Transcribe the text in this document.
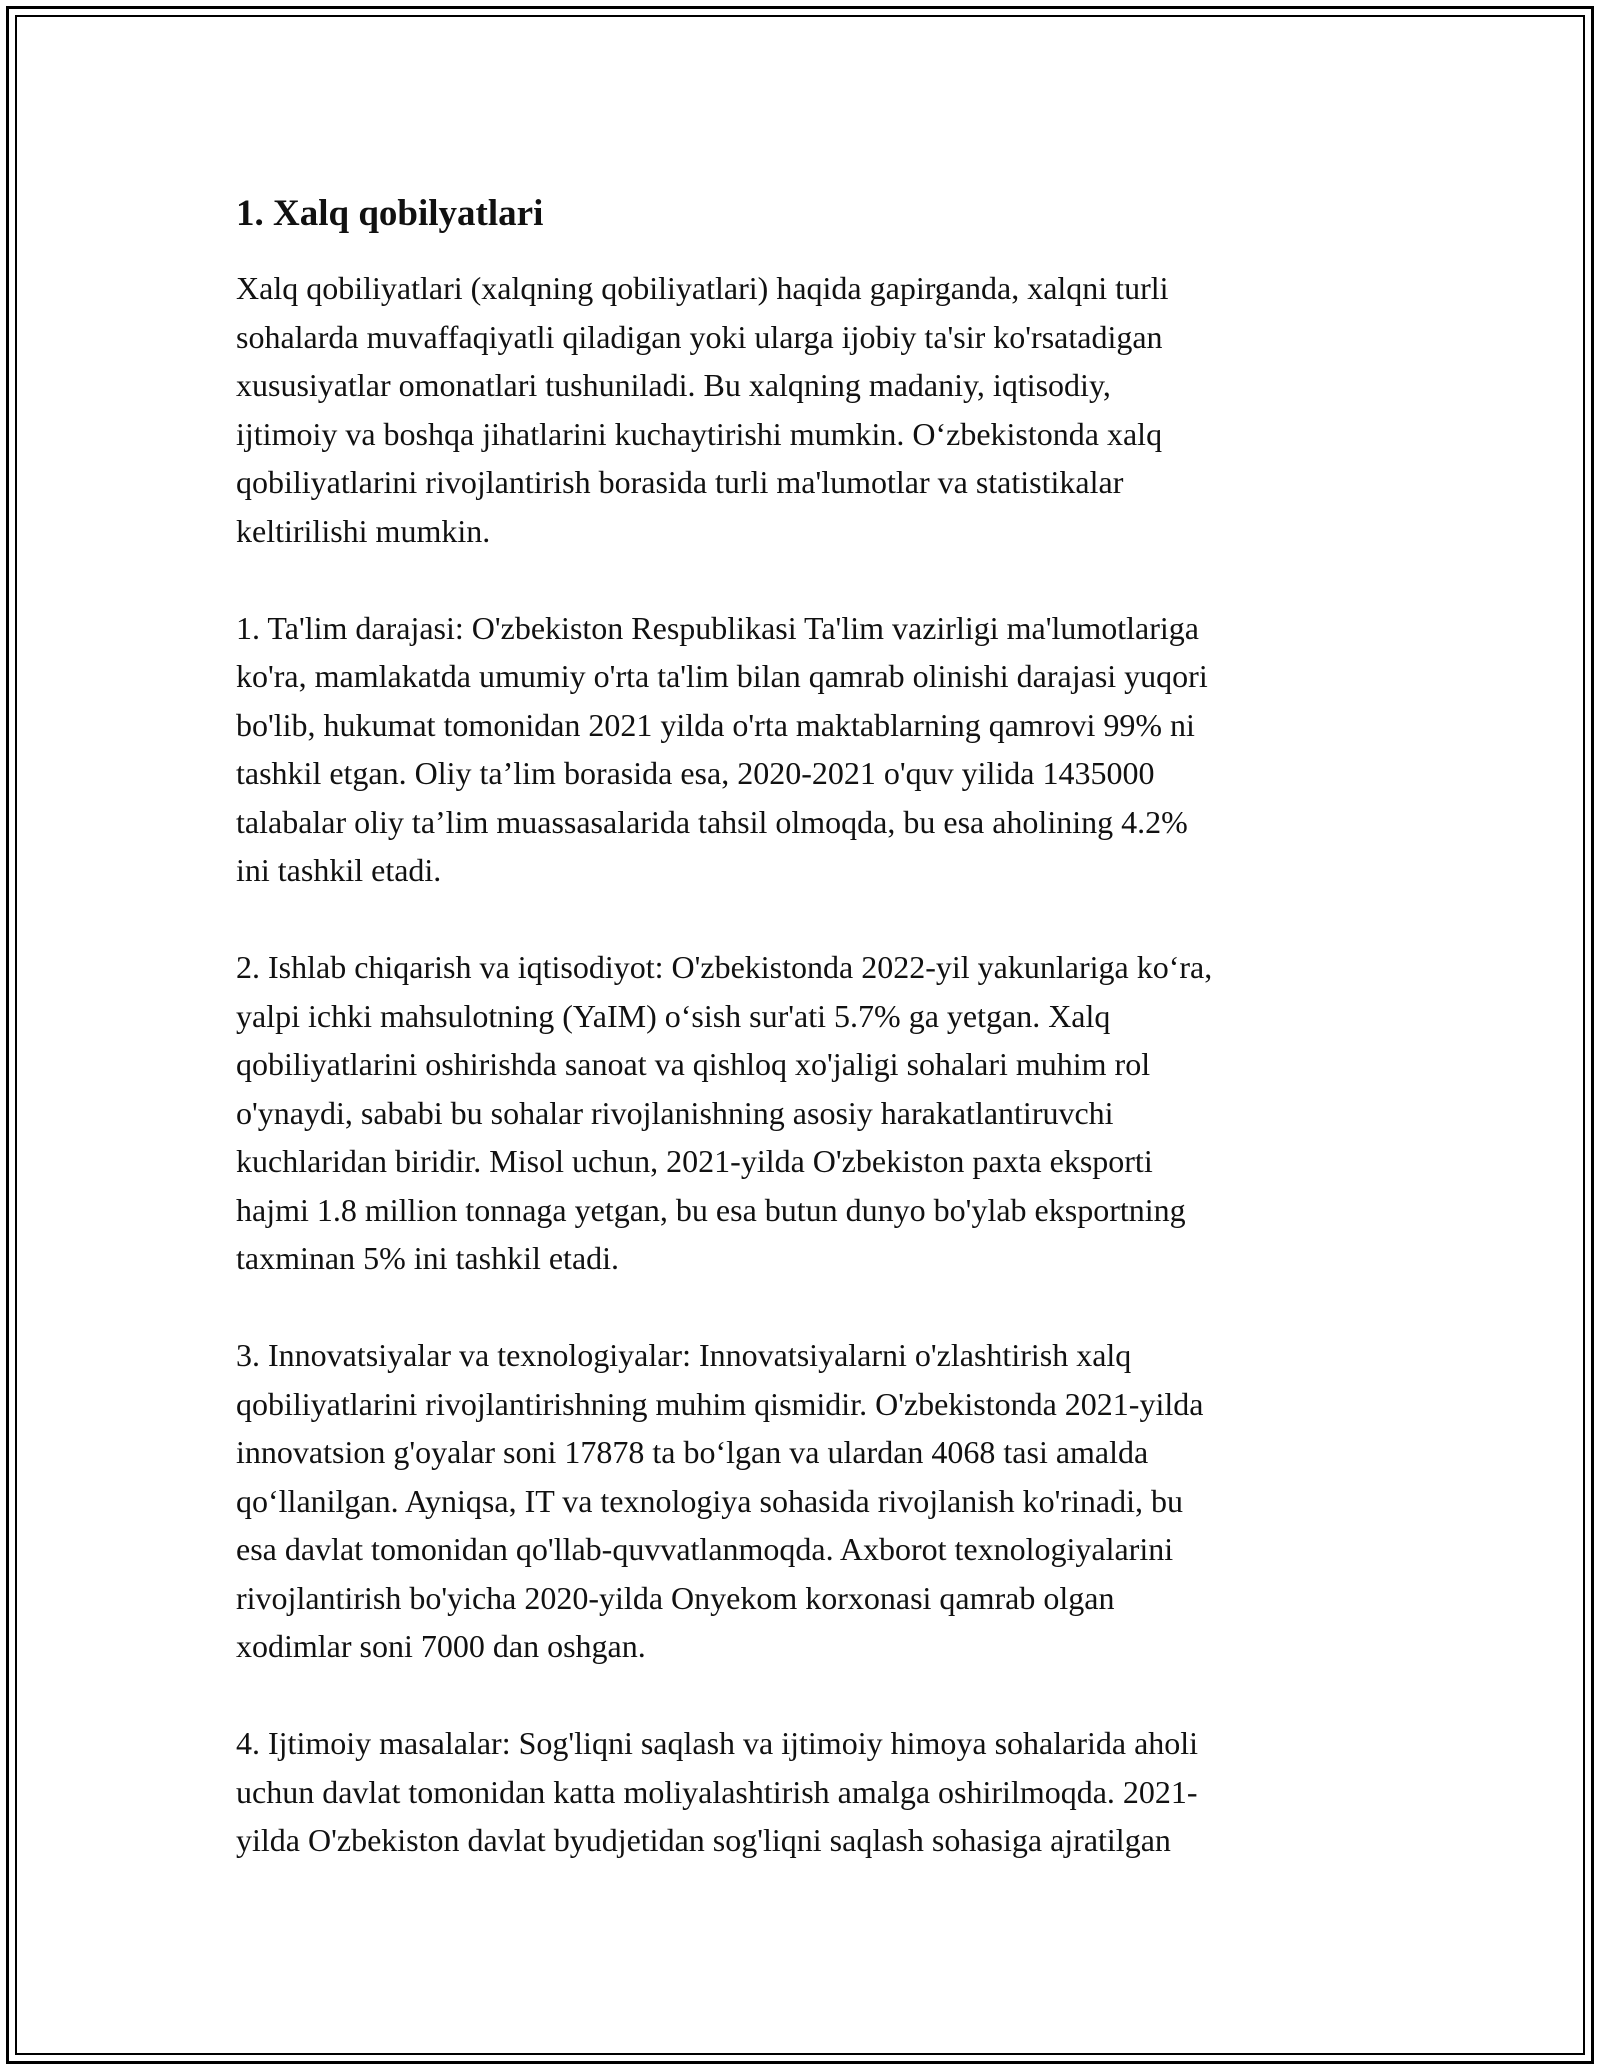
1. Xalq qobilyatlari

Xalq qobiliyatlari (xalqning qobiliyatlari) haqida gapirganda, xalqni turli
sohalarda muvaffaqiyatli qiladigan yoki ularga ijobiy ta'sir ko'rsatadigan
xususiyatlar omonatlari tushuniladi. Bu xalqning madaniy, iqtisodiy,
ijtimoiy va boshqa jihatlarini kuchaytirishi mumkin. O‘zbekistonda xalq
qobiliyatlarini rivojlantirish borasida turli ma'lumotlar va statistikalar
keltirilishi mumkin.

1. Ta'lim darajasi: O'zbekiston Respublikasi Ta'lim vazirligi ma'lumotlariga
ko'ra, mamlakatda umumiy o'rta ta'lim bilan qamrab olinishi darajasi yuqori
bo'lib, hukumat tomonidan 2021 yilda o'rta maktablarning qamrovi 99% ni
tashkil etgan. Oliy ta’lim borasida esa, 2020-2021 o'quv yilida 1435000
talabalar oliy ta’lim muassasalarida tahsil olmoqda, bu esa aholining 4.2%
ini tashkil etadi.

2. Ishlab chiqarish va iqtisodiyot: O'zbekistonda 2022-yil yakunlariga ko‘ra,
yalpi ichki mahsulotning (YaIM) o‘sish sur'ati 5.7% ga yetgan. Xalq
qobiliyatlarini oshirishda sanoat va qishloq xo'jaligi sohalari muhim rol
o'ynaydi, sababi bu sohalar rivojlanishning asosiy harakatlantiruvchi
kuchlaridan biridir. Misol uchun, 2021-yilda O'zbekiston paxta eksporti
hajmi 1.8 million tonnaga yetgan, bu esa butun dunyo bo'ylab eksportning
taxminan 5% ini tashkil etadi.

3. Innovatsiyalar va texnologiyalar: Innovatsiyalarni o'zlashtirish xalq
qobiliyatlarini rivojlantirishning muhim qismidir. O'zbekistonda 2021-yilda
innovatsion g'oyalar soni 17878 ta bo‘lgan va ulardan 4068 tasi amalda
qo‘llanilgan. Ayniqsa, IT va texnologiya sohasida rivojlanish ko'rinadi, bu
esa davlat tomonidan qo'llab-quvvatlanmoqda. Axborot texnologiyalarini
rivojlantirish bo'yicha 2020-yilda Onyekom korxonasi qamrab olgan
xodimlar soni 7000 dan oshgan.

4. Ijtimoiy masalalar: Sog'liqni saqlash va ijtimoiy himoya sohalarida aholi
uchun davlat tomonidan katta moliyalashtirish amalga oshirilmoqda. 2021-
yilda O'zbekiston davlat byudjetidan sog'liqni saqlash sohasiga ajratilgan
